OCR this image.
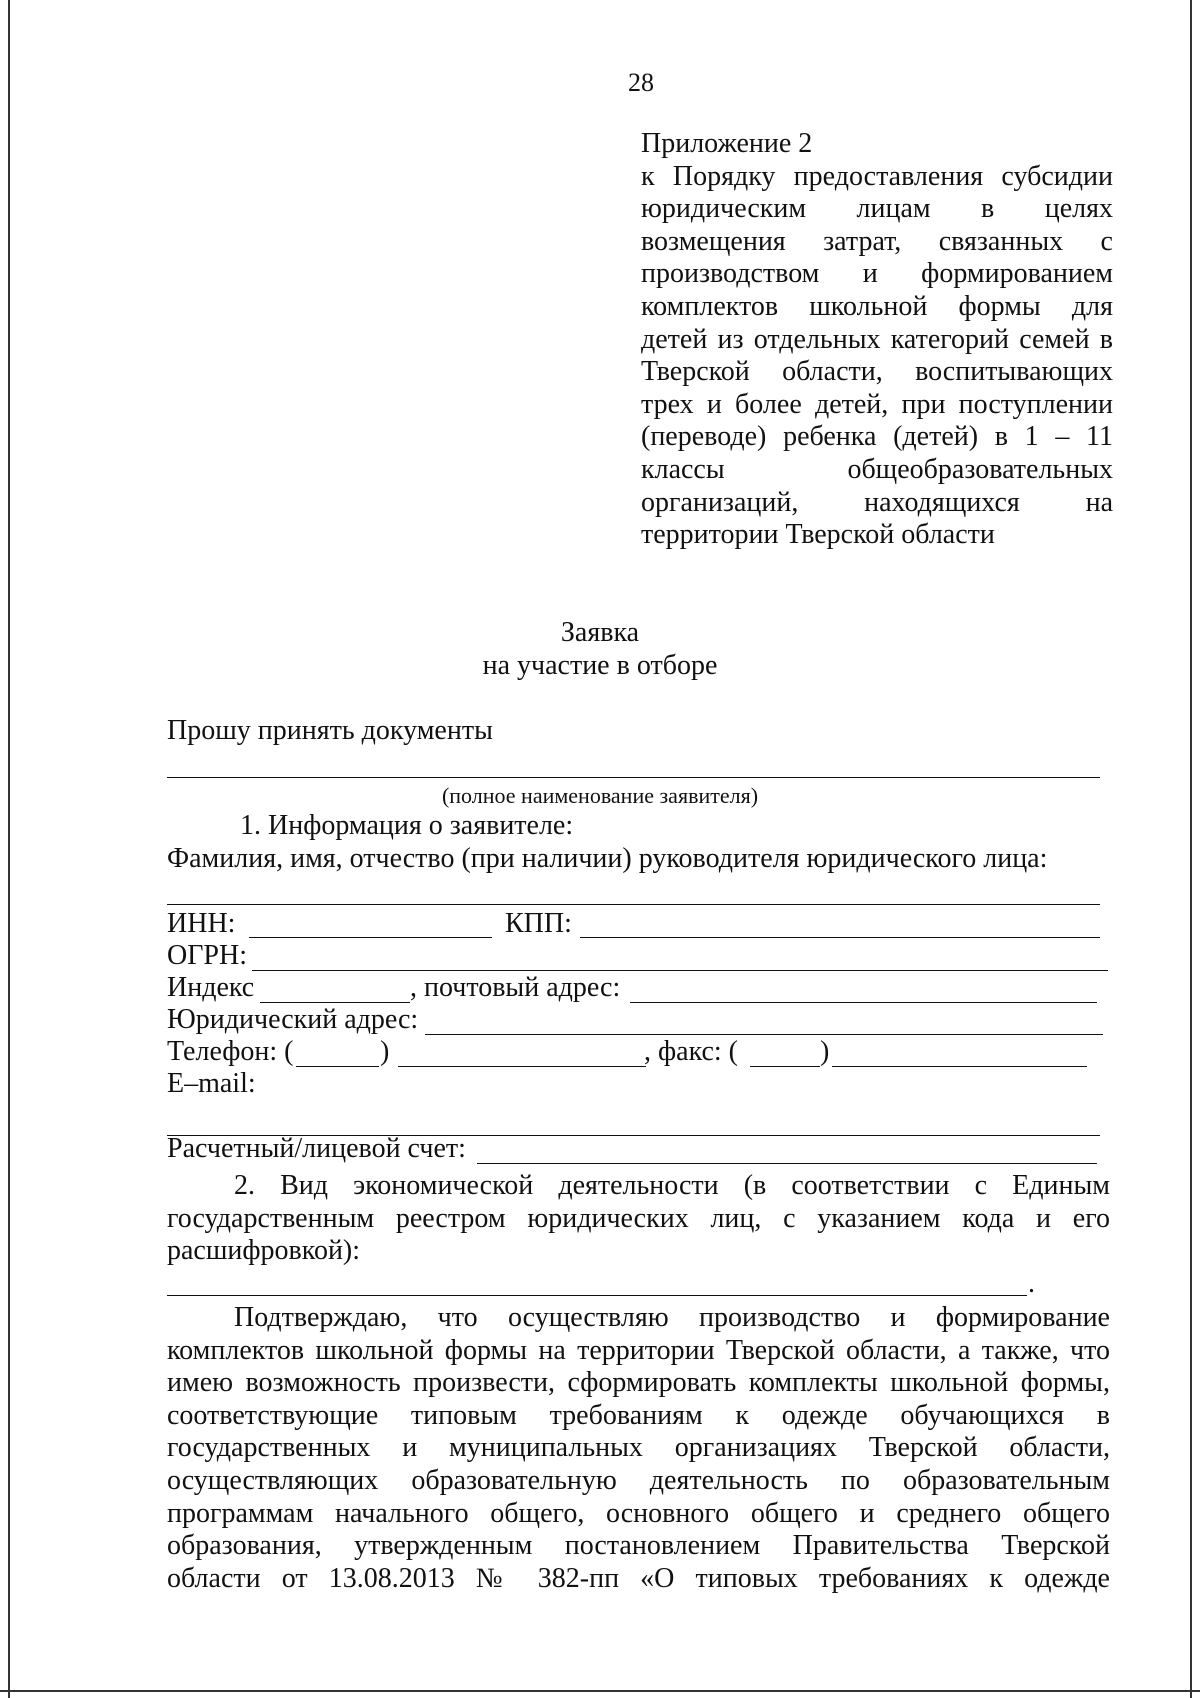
28
Приложение 2
к Порядку предоставления субсидии
юридическим лицам в целях
возмещения затрат, связанных с
производством и формированием
комплектов школьной формы для
детей из отдельных категорий семей в
Тверской области, воспитывающих
трех и более детей, при поступлении
(переводе) ребенка (детей) в 1 – 11
классы общеобразовательных
организаций, находящихся на
территории Тверской области
Заявка
на участие в отборе
Прошу принять документы
(полное наименование заявителя)
1. Информация о заявителе:
Фамилия, имя, отчество (при наличии) руководителя юридического лица:
ИНН:	КПП:
ОГРН:
Индекс	, почтовый адрес:
Юридический адрес:
Телефон: (	)	, факс: (	)
E–mail:
Расчетный/лицевой счет:
2. Вид экономической деятельности (в соответствии с Единым
государственным реестром юридических лиц, с указанием кода и его
расшифровкой):
.
Подтверждаю, что осуществляю производство и формирование
комплектов школьной формы на территории Тверской области, а также, что
имею возможность произвести, сформировать комплекты школьной формы,
соответствующие типовым требованиям к одежде обучающихся в
государственных и муниципальных организациях Тверской области,
осуществляющих образовательную деятельность по образовательным
программам начального общего, основного общего и среднего общего
образования, утвержденным постановлением Правительства Тверской
области от 13.08.2013 № 382-пп «О типовых требованиях к одежде
